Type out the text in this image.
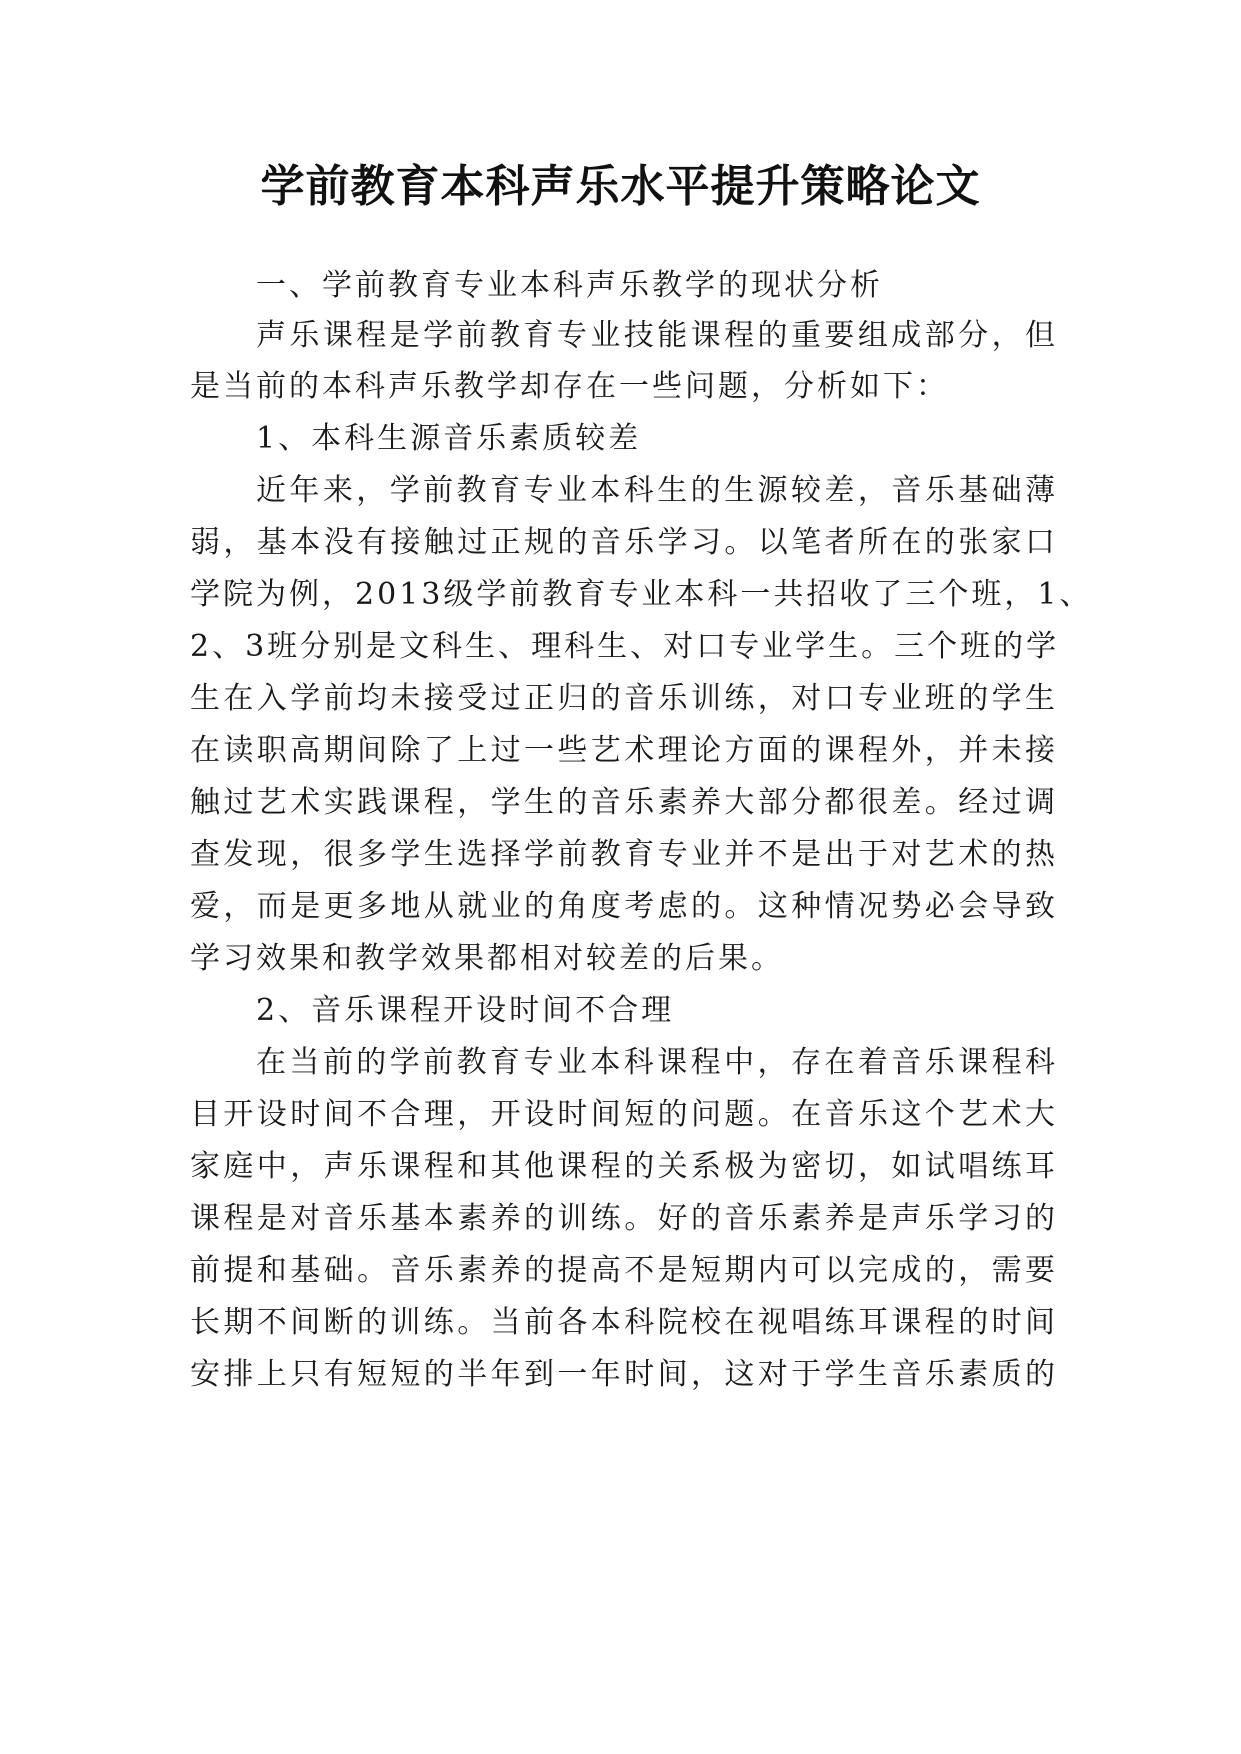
学前教育本科声乐水平提升策略论文
一、学前教育专业本科声乐教学的现状分析
声乐课程是学前教育专业技能课程的重要组成部分，但
是当前的本科声乐教学却存在一些问题，分析如下：
1、本科生源音乐素质较差
近年来，学前教育专业本科生的生源较差，音乐基础薄
弱，基本没有接触过正规的音乐学习。以笔者所在的张家口
学院为例，2013级学前教育专业本科一共招收了三个班，1、
2、3班分别是文科生、理科生、对口专业学生。三个班的学
生在入学前均未接受过正归的音乐训练，对口专业班的学生
在读职高期间除了上过一些艺术理论方面的课程外，并未接
触过艺术实践课程，学生的音乐素养大部分都很差。经过调
查发现，很多学生选择学前教育专业并不是出于对艺术的热
爱，而是更多地从就业的角度考虑的。这种情况势必会导致
学习效果和教学效果都相对较差的后果。
2、音乐课程开设时间不合理
在当前的学前教育专业本科课程中，存在着音乐课程科
目开设时间不合理，开设时间短的问题。在音乐这个艺术大
家庭中，声乐课程和其他课程的关系极为密切，如试唱练耳
课程是对音乐基本素养的训练。好的音乐素养是声乐学习的
前提和基础。音乐素养的提高不是短期内可以完成的，需要
长期不间断的训练。当前各本科院校在视唱练耳课程的时间
安排上只有短短的半年到一年时间，这对于学生音乐素质的
